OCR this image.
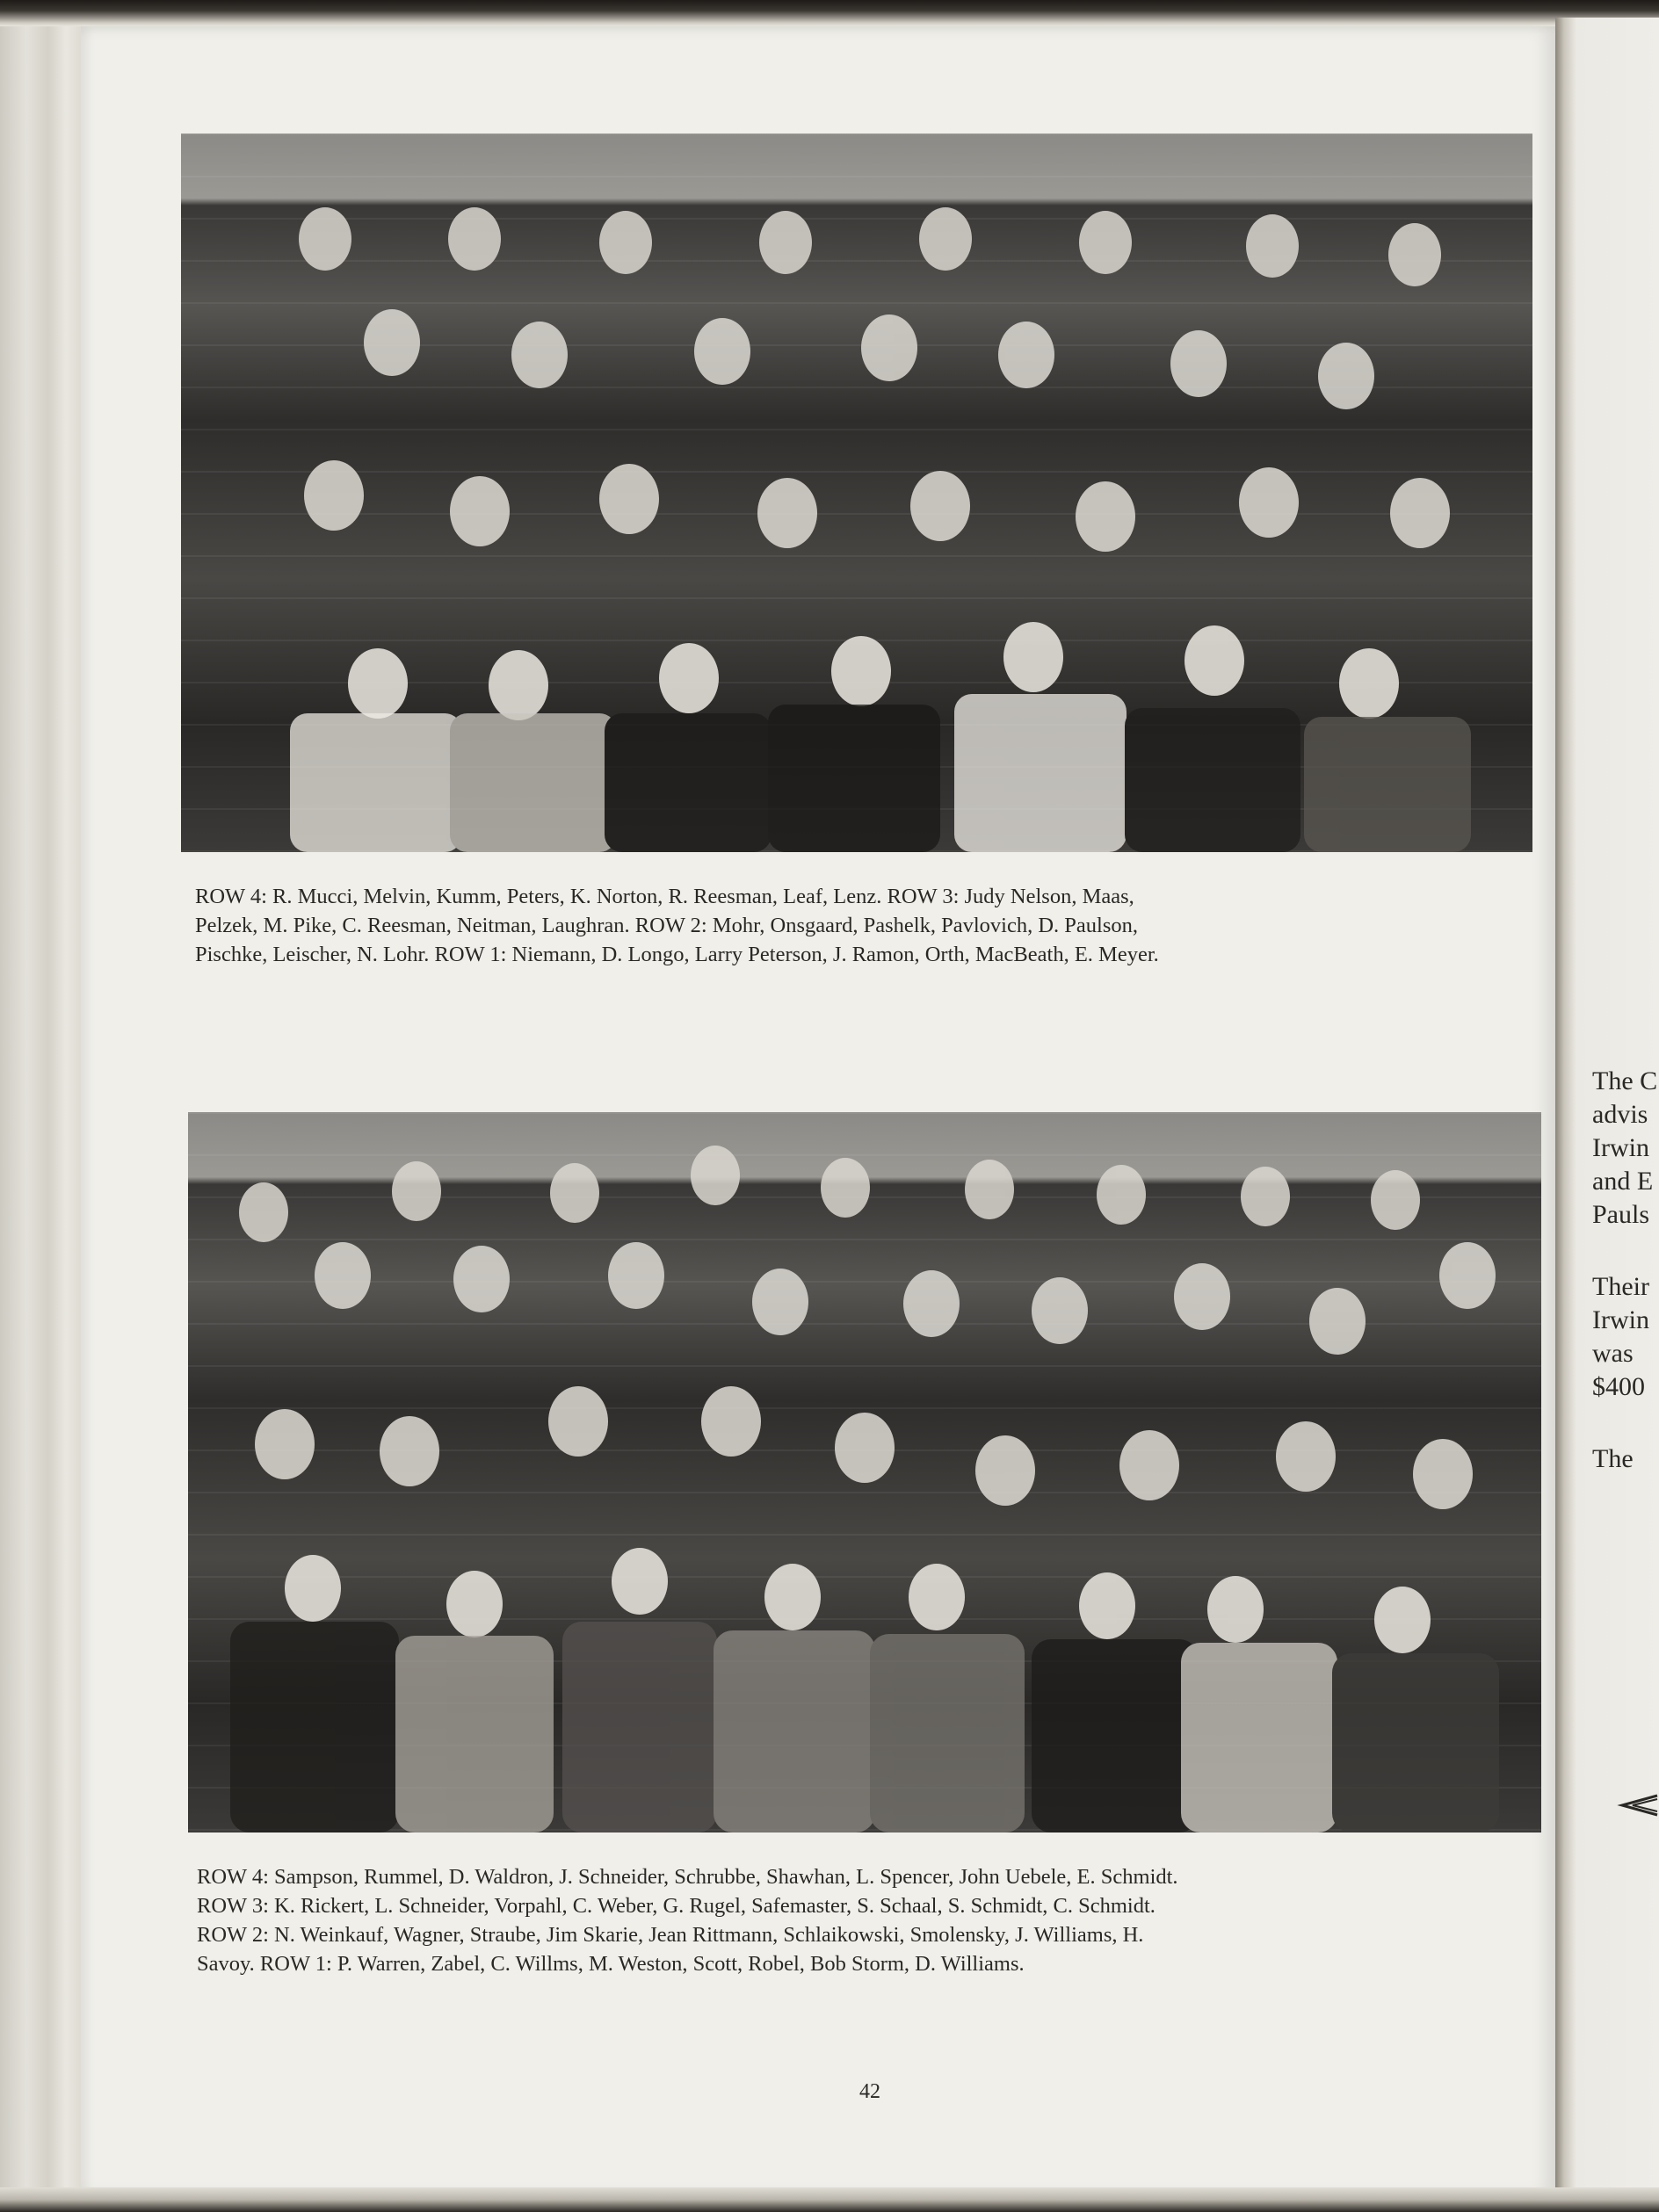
ROW 4: R. Mucci, Melvin, Kumm, Peters, K. Norton, R. Reesman, Leaf, Lenz. ROW 3: Judy Nelson, Maas,
Pelzek, M. Pike, C. Reesman, Neitman, Laughran. ROW 2: Mohr, Onsgaard, Pashelk, Pavlovich, D. Paulson,
Pischke, Leischer, N. Lohr. ROW 1: Niemann, D. Longo, Larry Peterson, J. Ramon, Orth, MacBeath, E. Meyer.
ROW 4: Sampson, Rummel, D. Waldron, J. Schneider, Schrubbe, Shawhan, L. Spencer, John Uebele, E. Schmidt.
ROW 3: K. Rickert, L. Schneider, Vorpahl, C. Weber, G. Rugel, Safemaster, S. Schaal, S. Schmidt, C. Schmidt.
ROW 2: N. Weinkauf, Wagner, Straube, Jim Skarie, Jean Rittmann, Schlaikowski, Smolensky, J. Williams, H.
Savoy. ROW 1: P. Warren, Zabel, C. Willms, M. Weston, Scott, Robel, Bob Storm, D. Williams.
42
The C
advis
Irwin
and E
Pauls
Their
Irwin
was
$400
The
